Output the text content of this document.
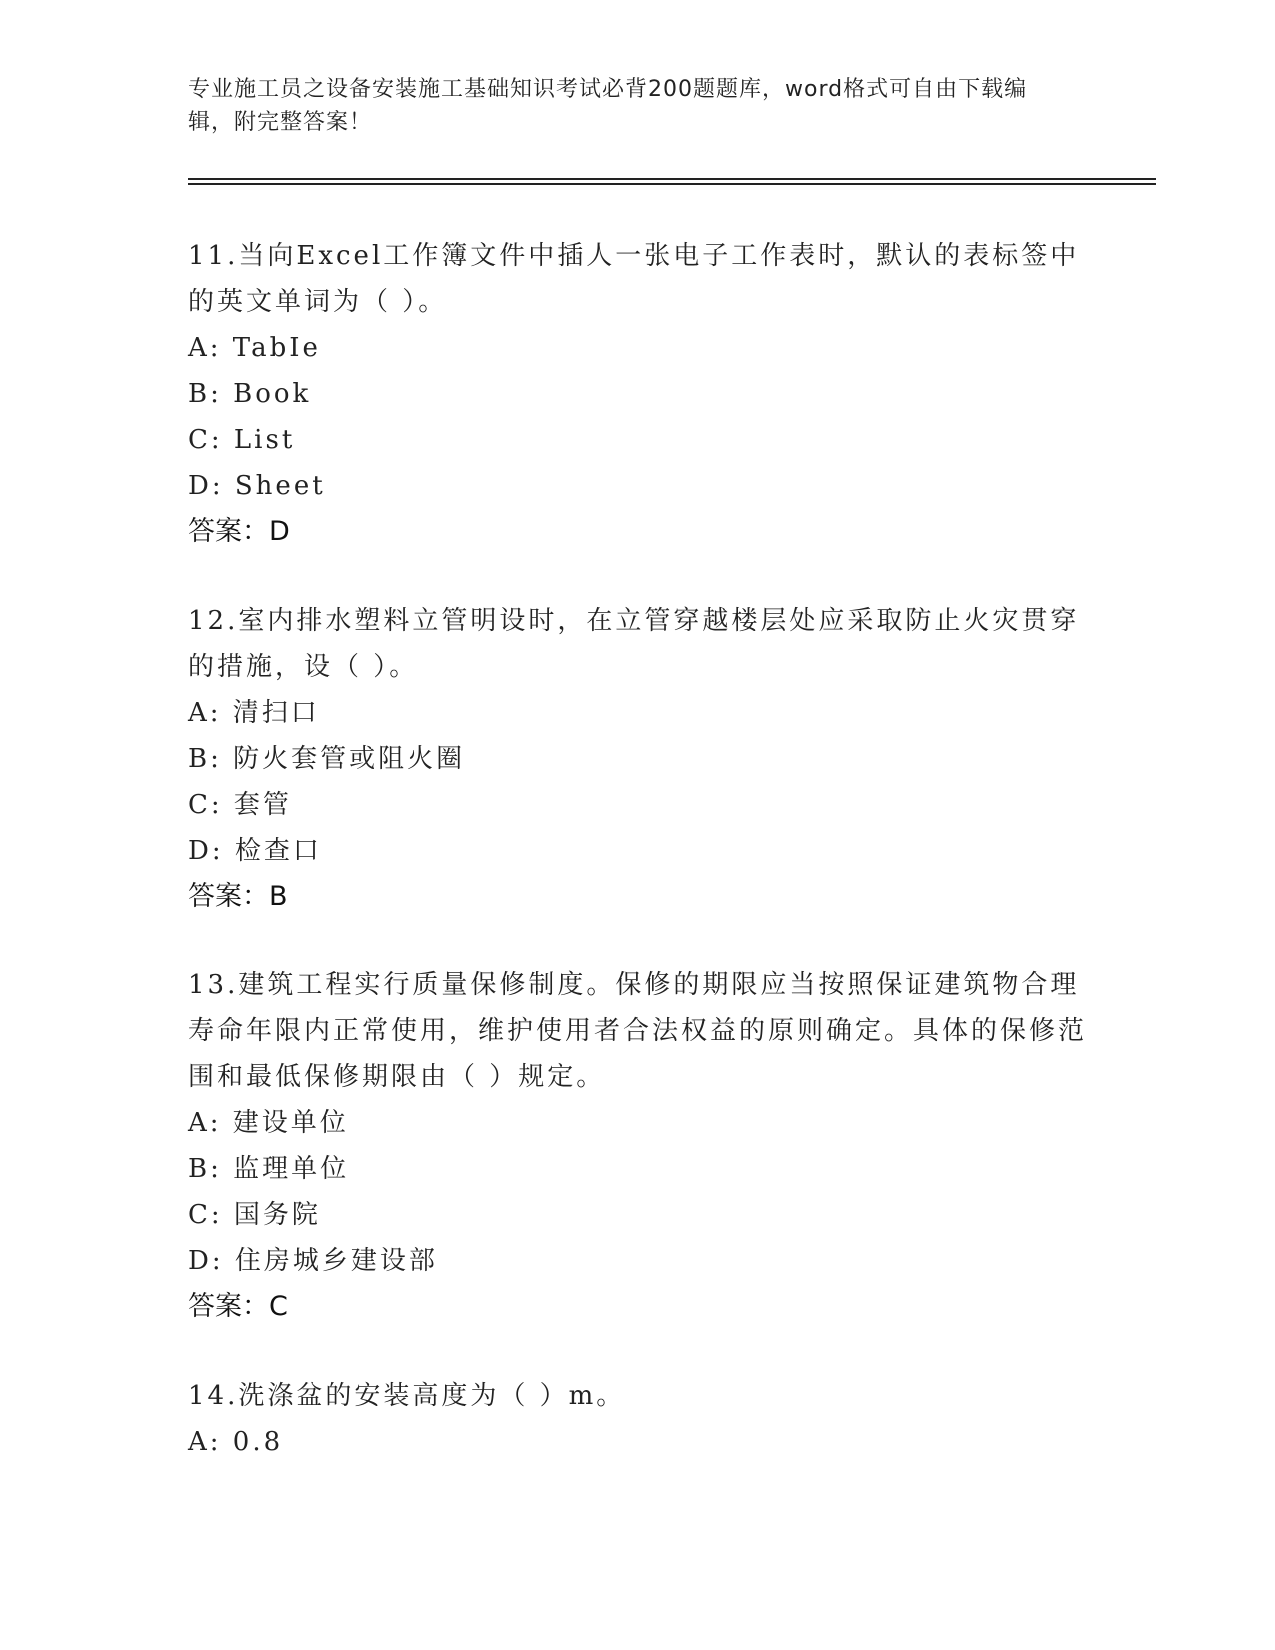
专业施工员之设备安装施工基础知识考试必背200题题库，word格式可自由下载编辑，附完整答案！

11.当向Excel工作簿文件中插人一张电子工作表时，默认的表标签中的英文单词为（ ）。

A: TabIe

B: Book

C: List

D: Sheet

答案：D

12.室内排水塑料立管明设时，在立管穿越楼层处应采取防止火灾贯穿的措施，设（ ）。

A: 清扫口

B: 防火套管或阻火圈

C: 套管

D: 检查口

答案：B

13.建筑工程实行质量保修制度。保修的期限应当按照保证建筑物合理寿命年限内正常使用，维护使用者合法权益的原则确定。具体的保修范围和最低保修期限由（ ）规定。

A: 建设单位

B: 监理单位

C: 国务院

D: 住房城乡建设部

答案：C

14.洗涤盆的安装高度为（ ）m。

A: 0.8
